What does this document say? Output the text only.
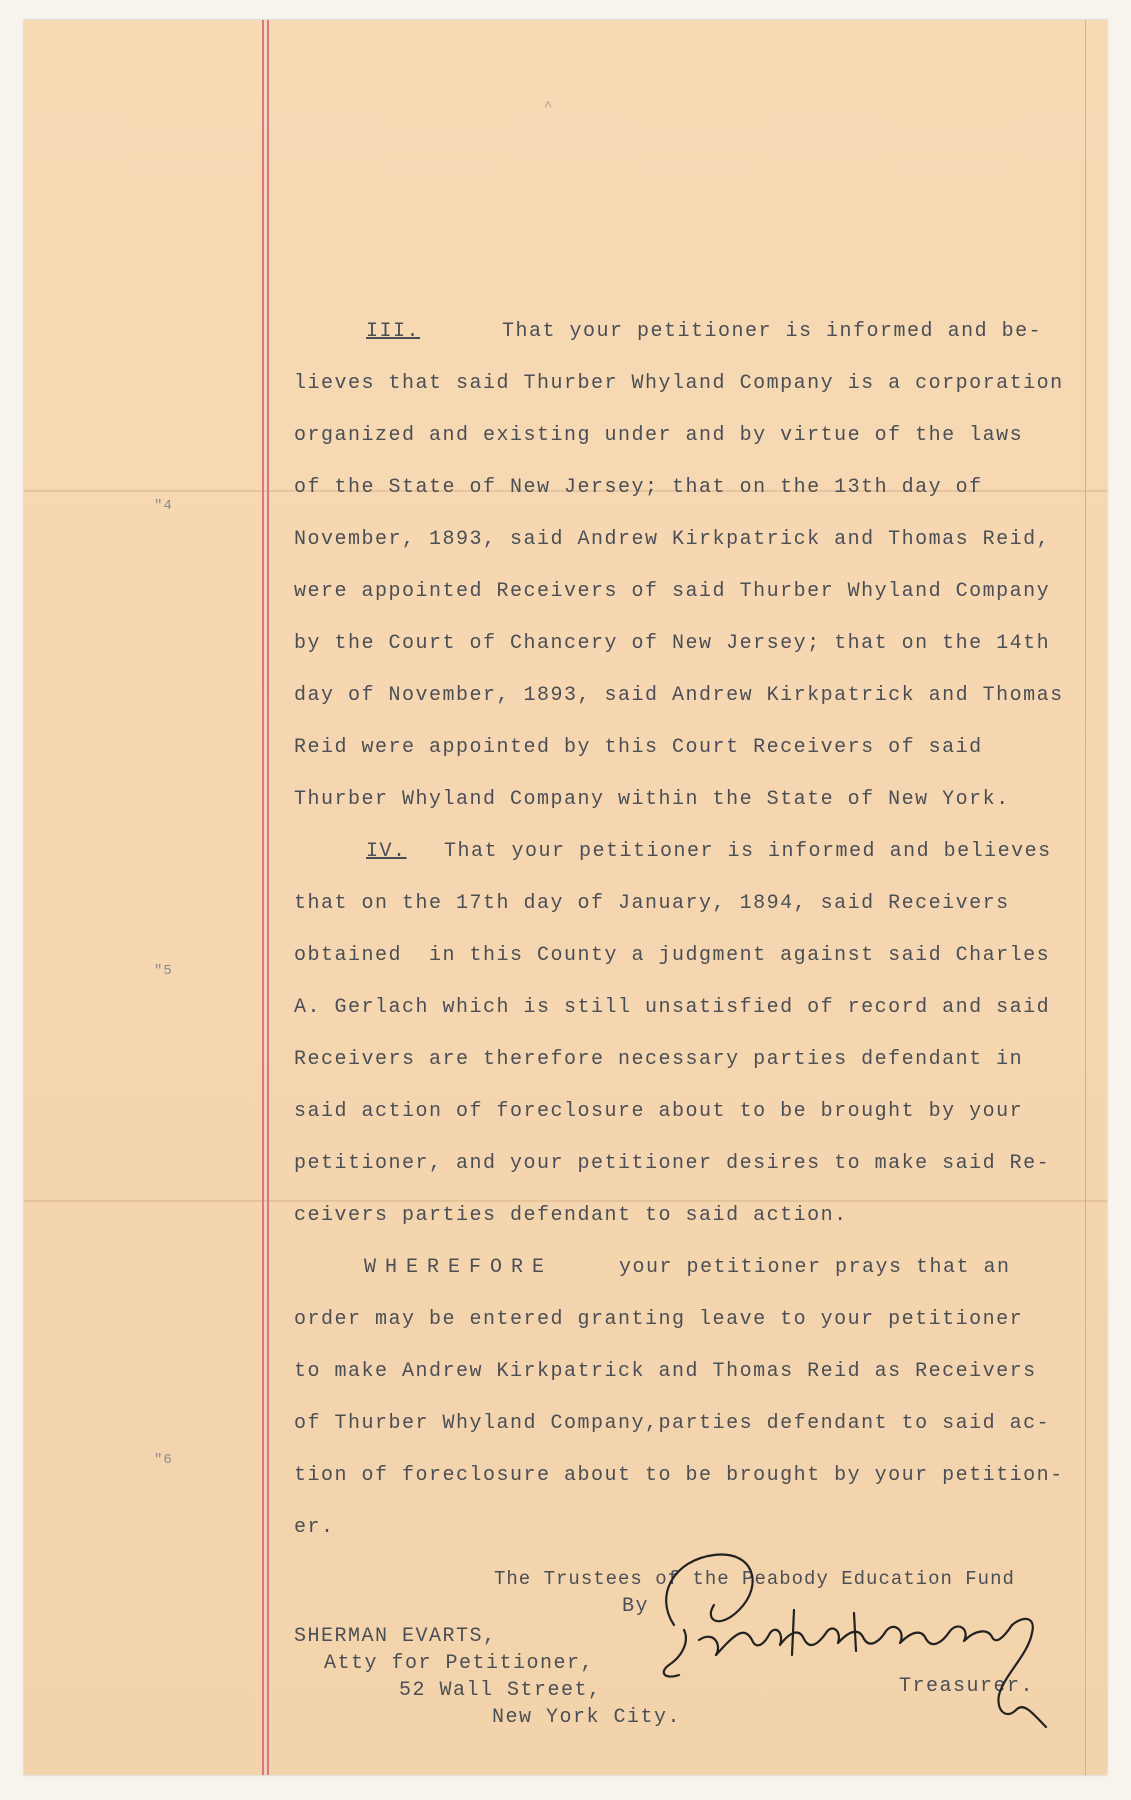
"4
"5
"6
III.	That your petitioner is informed and be-
lieves that said Thurber Whyland Company is a corporation
organized and existing under and by virtue of the laws
of the State of New Jersey; that on the 13th day of
November, 1893, said Andrew Kirkpatrick and Thomas Reid,
were appointed Receivers of said Thurber Whyland Company
by the Court of Chancery of New Jersey; that on the 14th
day of November, 1893, said Andrew Kirkpatrick and Thomas
Reid were appointed by this Court Receivers of said
Thurber Whyland Company within the State of New York.
IV. That your petitioner is informed and believes
that on the 17th day of January, 1894, said Receivers
obtained  in this County a judgment against said Charles
A. Gerlach which is still unsatisfied of record and said
Receivers are therefore necessary parties defendant in
said action of foreclosure about to be brought by your
petitioner, and your petitioner desires to make said Re-
ceivers parties defendant to said action.
WHEREFORE	your petitioner prays that an
order may be entered granting leave to your petitioner
to make Andrew Kirkpatrick and Thomas Reid as Receivers
of Thurber Whyland Company,parties defendant to said ac-
tion of foreclosure about to be brought by your petition-
er.
The Trustees of the Peabody Education Fund
By
Treasurer.
SHERMAN EVARTS,
Atty for Petitioner,
52 Wall Street,
New York City.
˄
